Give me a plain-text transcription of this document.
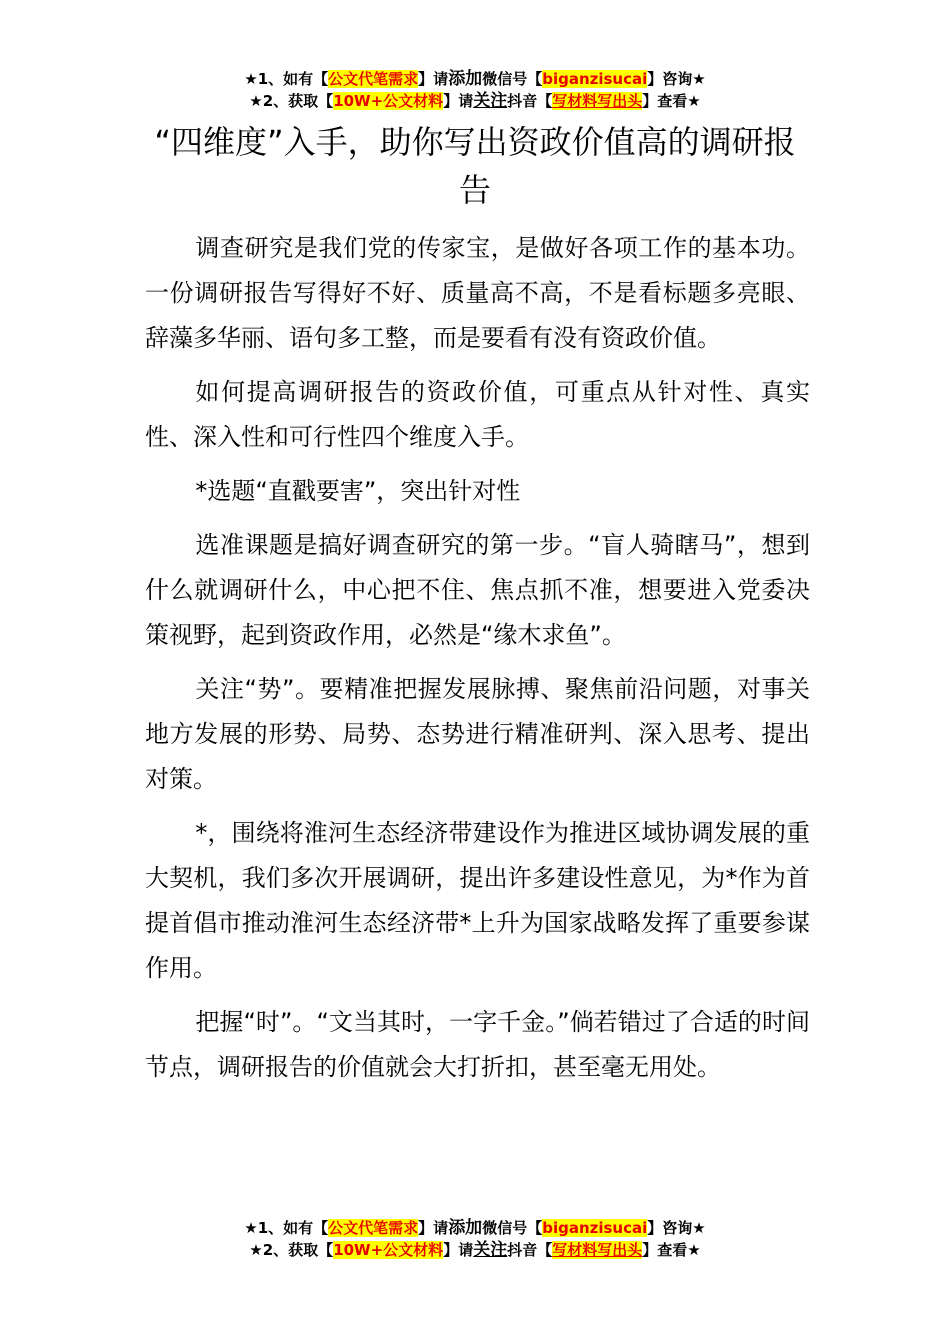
★1、如有【公文代笔需求】请添加微信号【biganzisucai】咨询★
★2、获取【10W+公文材料】请关注抖音【写材料写出头】查看★
“四维度”入手，助你写出资政价值高的调研报告

调查研究是我们党的传家宝，是做好各项工作的基本功。一份调研报告写得好不好、质量高不高，不是看标题多亮眼、辞藻多华丽、语句多工整，而是要看有没有资政价值。

如何提高调研报告的资政价值，可重点从针对性、真实性、深入性和可行性四个维度入手。

*选题“直戳要害”，突出针对性

选准课题是搞好调查研究的第一步。“盲人骑瞎马”，想到什么就调研什么，中心把不住、焦点抓不准，想要进入党委决策视野，起到资政作用，必然是“缘木求鱼”。

关注“势”。要精准把握发展脉搏、聚焦前沿问题，对事关地方发展的形势、局势、态势进行精准研判、深入思考、提出对策。

*，围绕将淮河生态经济带建设作为推进区域协调发展的重大契机，我们多次开展调研，提出许多建设性意见，为*作为首提首倡市推动淮河生态经济带*上升为国家战略发挥了重要参谋作用。

把握“时”。“文当其时，一字千金。”倘若错过了合适的时间节点，调研报告的价值就会大打折扣，甚至毫无用处。

★1、如有【公文代笔需求】请添加微信号【biganzisucai】咨询★
★2、获取【10W+公文材料】请关注抖音【写材料写出头】查看★
